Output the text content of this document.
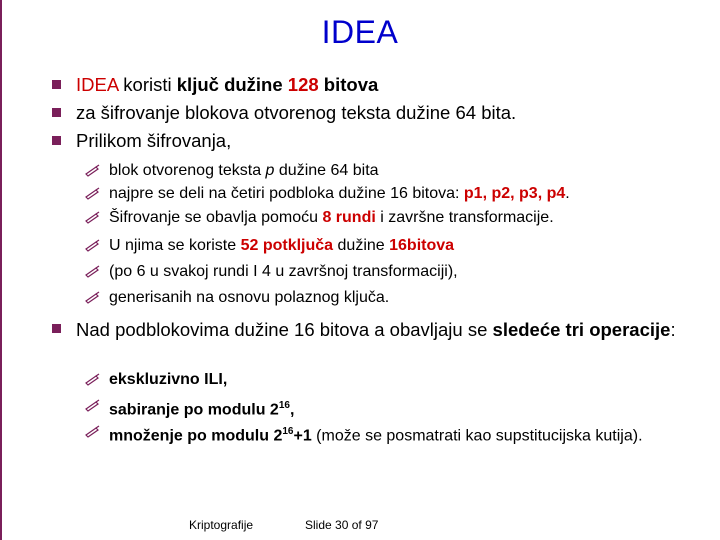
IDEA
IDEA koristi ključ dužine 128 bitova
za šifrovanje blokova otvorenog teksta dužine 64 bita.
Prilikom šifrovanja,
blok otvorenog teksta p dužine 64 bita
najpre se deli na četiri podbloka dužine 16 bitova: p1, p2, p3, p4.
Šifrovanje se obavlja pomoću 8 rundi i završne transformacije.
U njima se koriste 52 potključa dužine 16bitova
(po 6 u svakoj rundi I 4 u završnoj transformaciji),
generisanih na osnovu polaznog ključa.
Nad podblokovima dužine 16 bitova a obavljaju se sledeće tri operacije:
ekskluzivno ILI,
sabiranje po modulu $2^{16}$,
množenje po modulu $2^{16}+1$ (može se posmatrati kao supstitucijska kutija).
Kriptografije	Slide 30 of 97
